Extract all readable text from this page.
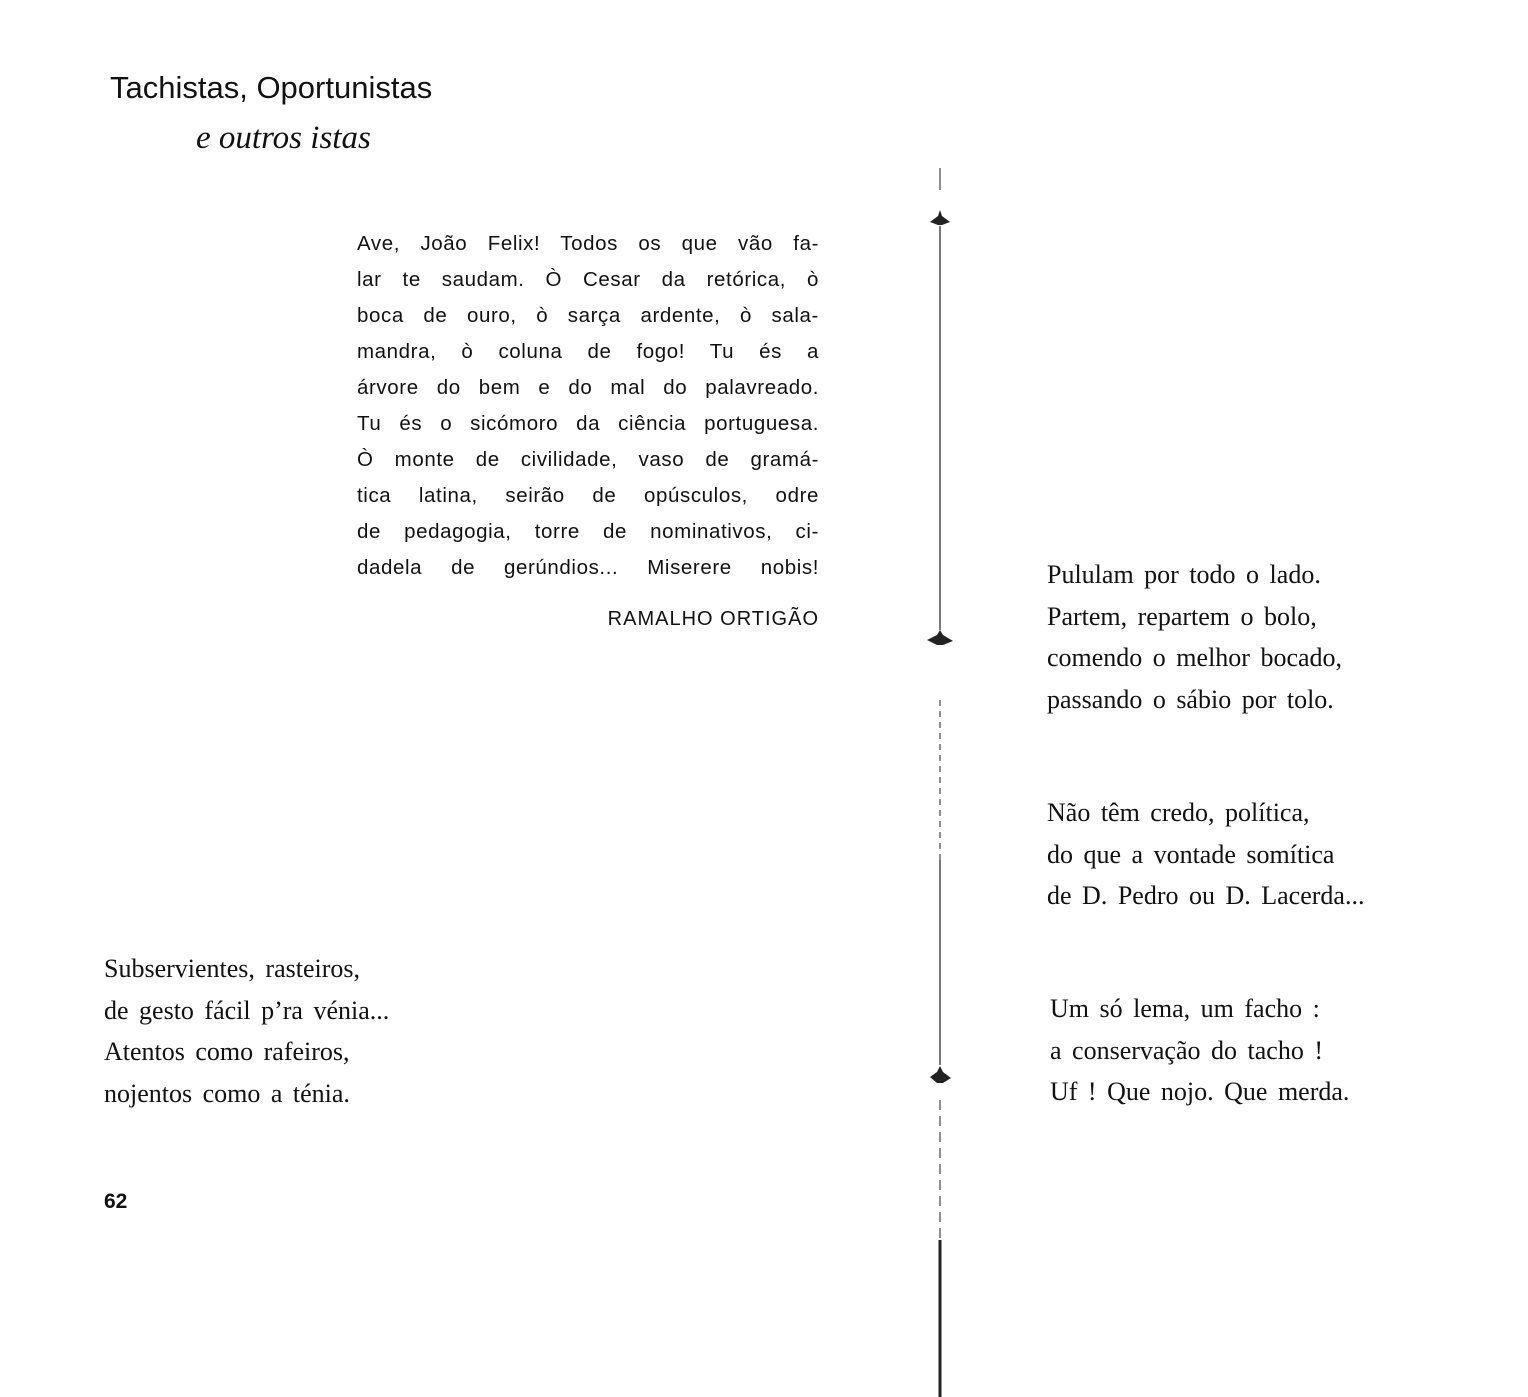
Tachistas, Oportunistas
e outros istas
Ave, João Felix! Todos os que vão fa-
lar te saudam. Ò Cesar da retórica, ò
boca de ouro, ò sarça ardente, ò sala-
mandra, ò coluna de fogo! Tu és a
árvore do bem e do mal do palavreado.
Tu és o sicómoro da ciência portuguesa.
Ò monte de civilidade, vaso de gramá-
tica latina, seirão de opúsculos, odre
de pedagogia, torre de nominativos, ci-
dadela de gerúndios... Miserere nobis!
RAMALHO ORTIGÃO
Subservientes, rasteiros,
de gesto fácil p’ra vénia...
Atentos como rafeiros,
nojentos como a ténia.
Pululam por todo o lado.
Partem, repartem o bolo,
comendo o melhor bocado,
passando o sábio por tolo.
Não têm credo, política,
do que a vontade somítica
de D. Pedro ou D. Lacerda...
Um só lema, um facho :
a conservação do tacho !
Uf ! Que nojo. Que merda.
62
